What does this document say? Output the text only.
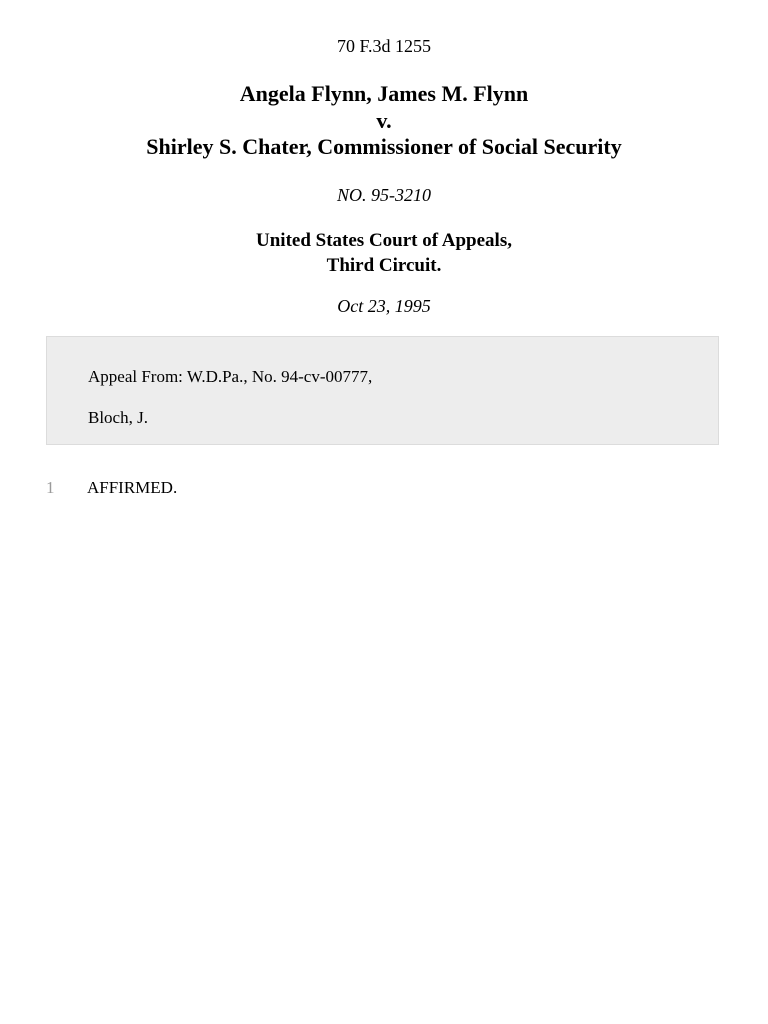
70 F.3d 1255
Angela Flynn, James M. Flynn
v.
Shirley S. Chater, Commissioner of Social Security
NO. 95-3210
United States Court of Appeals,
Third Circuit.
Oct 23, 1995
Appeal From: W.D.Pa., No. 94-cv-00777,
Bloch, J.
1 AFFIRMED.
